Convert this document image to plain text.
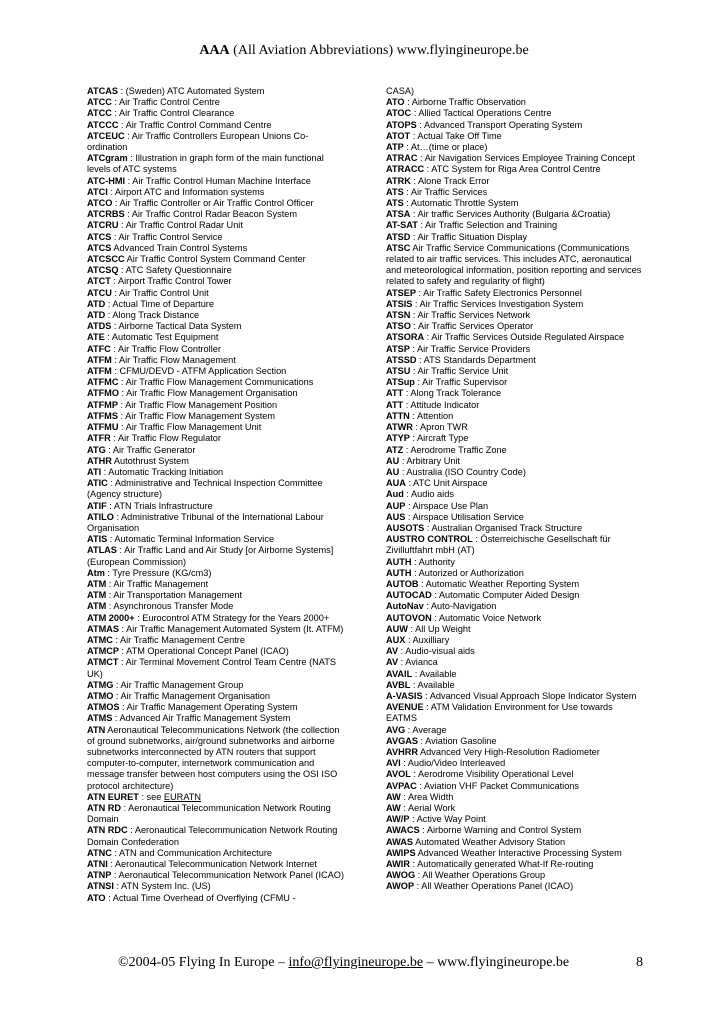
AAA (All Aviation Abbreviations) www.flyingineurope.be
ATCAS : (Sweden) ATC Automated System
ATCC : Air Traffic Control Centre
ATCC : Air Traffic Control Clearance
ATCCC : Air Traffic Control Command Centre
ATCEUC : Air Traffic Controllers European Unions Co-ordination
ATCgram : Illustration in graph form of the main functional levels of ATC systems
ATC-HMI : Air Traffic Control Human Machine Interface
ATCI : Airport ATC and Information systems
ATCO : Air Traffic Controller or Air Traffic Control Officer
ATCRBS : Air Traffic Control Radar Beacon System
ATCRU : Air Traffic Control Radar Unit
ATCS : Air Traffic Control Service
ATCS Advanced Train Control Systems
ATCSCC Air Traffic Control System Command Center
ATCSQ : ATC Safety Questionnaire
ATCT : Airport Traffic Control Tower
ATCU : Air Traffic Control Unit
ATD : Actual Time of Departure
ATD : Along Track Distance
ATDS : Airborne Tactical Data System
ATE : Automatic Test Equipment
ATFC : Air Traffic Flow Controller
ATFM : Air Traffic Flow Management
ATFM : CFMU/DEVD - ATFM Application Section
ATFMC : Air Traffic Flow Management Communications
ATFMO : Air Traffic Flow Management Organisation
ATFMP : Air Traffic Flow Management Position
ATFMS : Air Traffic Flow Management System
ATFMU : Air Traffic Flow Management Unit
ATFR : Air Traffic Flow Regulator
ATG : Air Traffic Generator
ATHR Autothrust System
ATI : Automatic Tracking Initiation
ATIC : Administrative and Technical Inspection Committee (Agency structure)
ATIF : ATN Trials Infrastructure
ATILO : Administrative Tribunal of the International Labour Organisation
ATIS : Automatic Terminal Information Service
ATLAS : Air Traffic Land and Air Study [or Airborne Systems] (European Commission)
Atm : Tyre Pressure (KG/cm3)
ATM : Air Traffic Management
ATM : Air Transportation Management
ATM : Asynchronous Transfer Mode
ATM 2000+ : Eurocontrol ATM Strategy for the Years 2000+
ATMAS : Air Traffic Management Automated System (It. ATFM)
ATMC : Air Traffic Management Centre
ATMCP : ATM Operational Concept Panel (ICAO)
ATMCT : Air Terminal Movement Control Team Centre (NATS UK)
ATMG : Air Traffic Management Group
ATMO : Air Traffic Management Organisation
ATMOS : Air Traffic Management Operating System
ATMS : Advanced Air Traffic Management System
ATN Aeronautical Telecommunications Network (the collection of ground subnetworks, air/ground subnetworks and airborne subnetworks interconnected by ATN routers that support computer-to-computer, internetwork communication and message transfer between host computers using the OSI ISO protocol architecture)
ATN EURET : see EURATN
ATN RD : Aeronautical Telecommunication Network Routing Domain
ATN RDC : Aeronautical Telecommunication Network Routing Domain Confederation
ATNC : ATN and Communication Architecture
ATNI : Aeronautical Telecommunication Network Internet
ATNP : Aeronautical Telecommunication Network Panel (ICAO)
ATNSI : ATN System Inc. (US)
ATO : Actual Time Overhead of Overflying (CFMU -
CASA)
ATO : Airborne Traffic Observation
ATOC : Allied Tactical Operations Centre
ATOPS : Advanced Transport Operating System
ATOT : Actual Take Off Time
ATP : At…(time or place)
ATRAC : Air Navigation Services Employee Training Concept
ATRACC : ATC System for Riga Area Control Centre
ATRK : Alone Track Error
ATS : Air Traffic Services
ATS : Automatic Throttle System
ATSA : Air traffic Services Authority (Bulgaria &Croatia)
AT-SAT : Air Traffic Selection and Training
ATSD : Air Traffic Situation Display
ATSC Air Traffic Service Communications (Communications related to air traffic services. This includes ATC, aeronautical and meteorological information, position reporting and services related to safety and regularity of flight)
ATSEP : Air Traffic Safety Electronics Personnel
ATSIS : Air Traffic Services Investigation System
ATSN : Air Traffic Services Network
ATSO : Air Traffic Services Operator
ATSORA : Air Traffic Services Outside Regulated Airspace
ATSP : Air Traffic Service Providers
ATSSD : ATS Standards Department
ATSU : Air Traffic Service Unit
ATSup : Air Traffic Supervisor
ATT : Along Track Tolerance
ATT : Attitude Indicator
ATTN : Attention
ATWR : Apron TWR
ATYP : Aircraft Type
ATZ : Aerodrome Traffic Zone
AU : Arbitrary Unit
AU : Australia (ISO Country Code)
AUA : ATC Unit Airspace
Aud : Audio aids
AUP : Airspace Use Plan
AUS : Airspace Utilisation Service
AUSOTS : Australian Organised Track Structure
AUSTRO CONTROL : Österreichische Gesellschaft für Zivilluftfahrt mbH (AT)
AUTH : Authority
AUTH : Autorized or Authorization
AUTOB : Automatic Weather Reporting System
AUTOCAD : Automatic Computer Aided Design
AutoNav : Auto-Navigation
AUTOVON : Automatic Voice Network
AUW : All Up Weight
AUX : Auxilliary
AV : Audio-visual aids
AV : Avianca
AVAIL : Available
AVBL : Available
A-VASIS : Advanced Visual Approach Slope Indicator System
AVENUE : ATM Validation Environment for Use towards EATMS
AVG : Average
AVGAS : Aviation Gasoline
AVHRR Advanced Very High-Resolution Radiometer
AVI : Audio/Video Interleaved
AVOL : Aerodrome Visibility Operational Level
AVPAC : Aviation VHF Packet Communications
AW : Area Width
AW : Aerial Work
AW/P : Active Way Point
AWACS : Airborne Warning and Control System
AWAS Automated Weather Advisory Station
AWIPS Advanced Weather Interactive Processing System
AWIR : Automatically generated What-If Re-routing
AWOG : All Weather Operations Group
AWOP : All Weather Operations Panel (ICAO)
©2004-05 Flying In Europe – info@flyingineurope.be – www.flyingineurope.be	8
